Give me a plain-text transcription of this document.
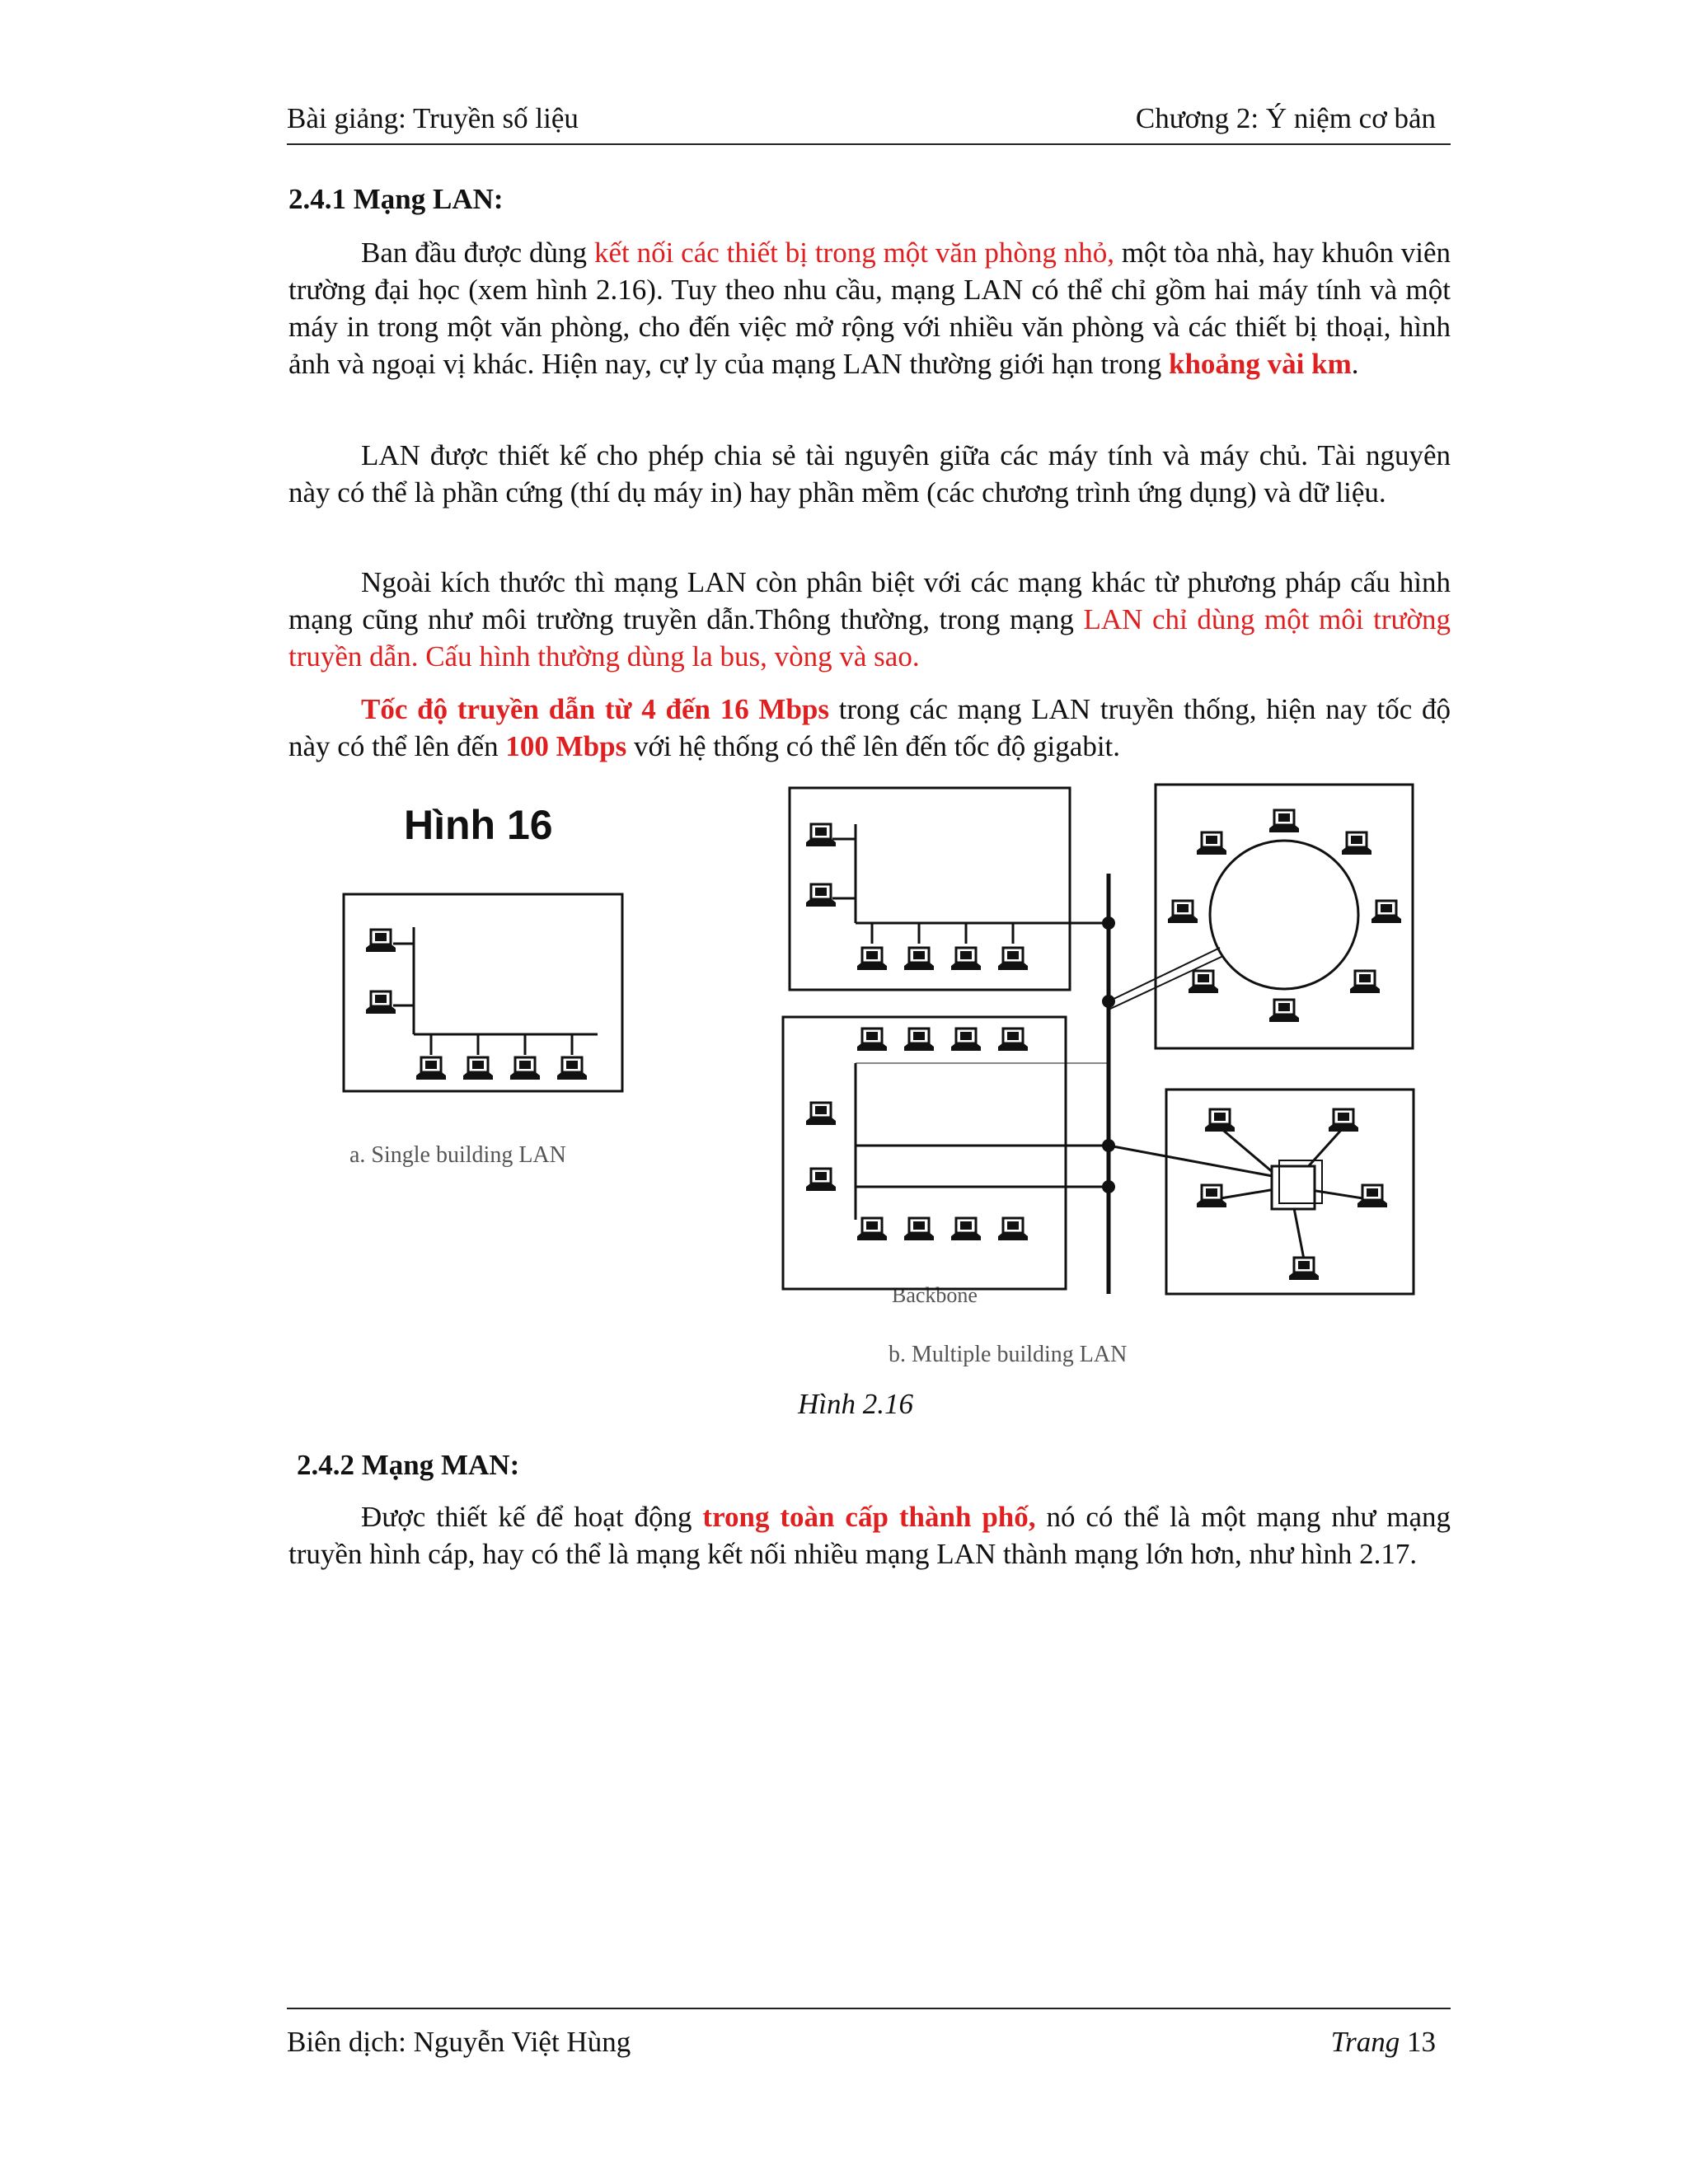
Bài giảng: Truyền số liệu	Chương 2: Ý niệm cơ bản
2.4.1 Mạng LAN:
Ban đầu được dùng kết nối các thiết bị trong một văn phòng nhỏ, một tòa nhà, hay khuôn viên trường đại học (xem hình 2.16). Tuy theo nhu cầu, mạng LAN có thể chỉ gồm hai máy tính và một máy in trong một văn phòng, cho đến việc mở rộng với nhiều văn phòng và các thiết bị thoại, hình ảnh và ngoại vị khác. Hiện nay, cự ly của mạng LAN thường giới hạn trong khoảng vài km.
LAN được thiết kế cho phép chia sẻ tài nguyên giữa các máy tính và máy chủ. Tài nguyên này có thể là phần cứng (thí dụ máy in) hay phần mềm (các chương trình ứng dụng) và dữ liệu.
Ngoài kích thước thì mạng LAN còn phân biệt với các mạng khác từ phương pháp cấu hình mạng cũng như môi trường truyền dẫn.Thông thường, trong mạng LAN chỉ dùng một môi trường truyền dẫn. Cấu hình thường dùng la bus, vòng và sao.
Tốc độ truyền dẫn từ 4 đến 16 Mbps trong các mạng LAN truyền thống, hiện nay tốc độ này có thể lên đến 100 Mbps với hệ thống có thể lên đến tốc độ gigabit.
Hình 16
a. Single building LAN
Backbone
b. Multiple building LAN
Hình 2.16
2.4.2 Mạng MAN:
Được thiết kế để hoạt động trong toàn cấp thành phố, nó có thể là một mạng như mạng truyền hình cáp, hay có thể là mạng kết nối nhiều mạng LAN thành mạng lớn hơn, như hình 2.17.
Biên dịch: Nguyễn Việt Hùng	Trang 13
